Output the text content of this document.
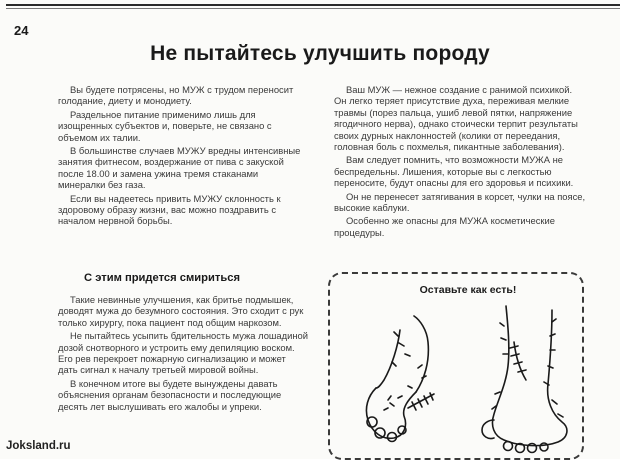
24
Не пытайтесь улучшить породу

Вы будете потрясены, но МУЖ с трудом переносит голодание, диету и монодиету.

Раздельное питание применимо лишь для изощренных субъектов и, поверьте, не связано с объемом их талии.

В большинстве случаев МУЖУ вредны интенсивные занятия фитнесом, воздержание от пива с закуской после 18.00 и замена ужина тремя стаканами минералки без газа.

Если вы надеетесь привить МУЖУ склонность к здоровому образу жизни, вас можно поздравить с началом нервной борьбы.

Ваш МУЖ — нежное создание с ранимой психикой. Он легко теряет присутствие духа, переживая мелкие травмы (порез пальца, ушиб левой пятки, напряжение ягодичного нерва), однако стоически терпит результаты своих дурных наклонностей (колики от переедания, головная боль с похмелья, пикантные заболевания).

Вам следует помнить, что возможности МУЖА не беспредельны. Лишения, которые вы с легкостью переносите, будут опасны для его здоровья и психики.

Он не перенесет затягивания в корсет, чулки на поясе, высокие каблуки.

Особенно же опасны для МУЖА косметические процедуры.

С этим придется смириться

Такие невинные улучшения, как бритье подмышек, доводят мужа до безумного состояния. Это сходит с рук только хирургу, пока пациент под общим наркозом.

Не пытайтесь усыпить бдительность мужа лошадиной дозой снотворного и устроить ему депиляцию воском. Его рев перекроет пожарную сигнализацию и может дать сигнал к началу третьей мировой войны.

В конечном итоге вы будете вынуждены давать объяснения органам безопасности и последующие десять лет выслушивать его жалобы и упреки.

Оставьте как есть!
Joksland.ru
